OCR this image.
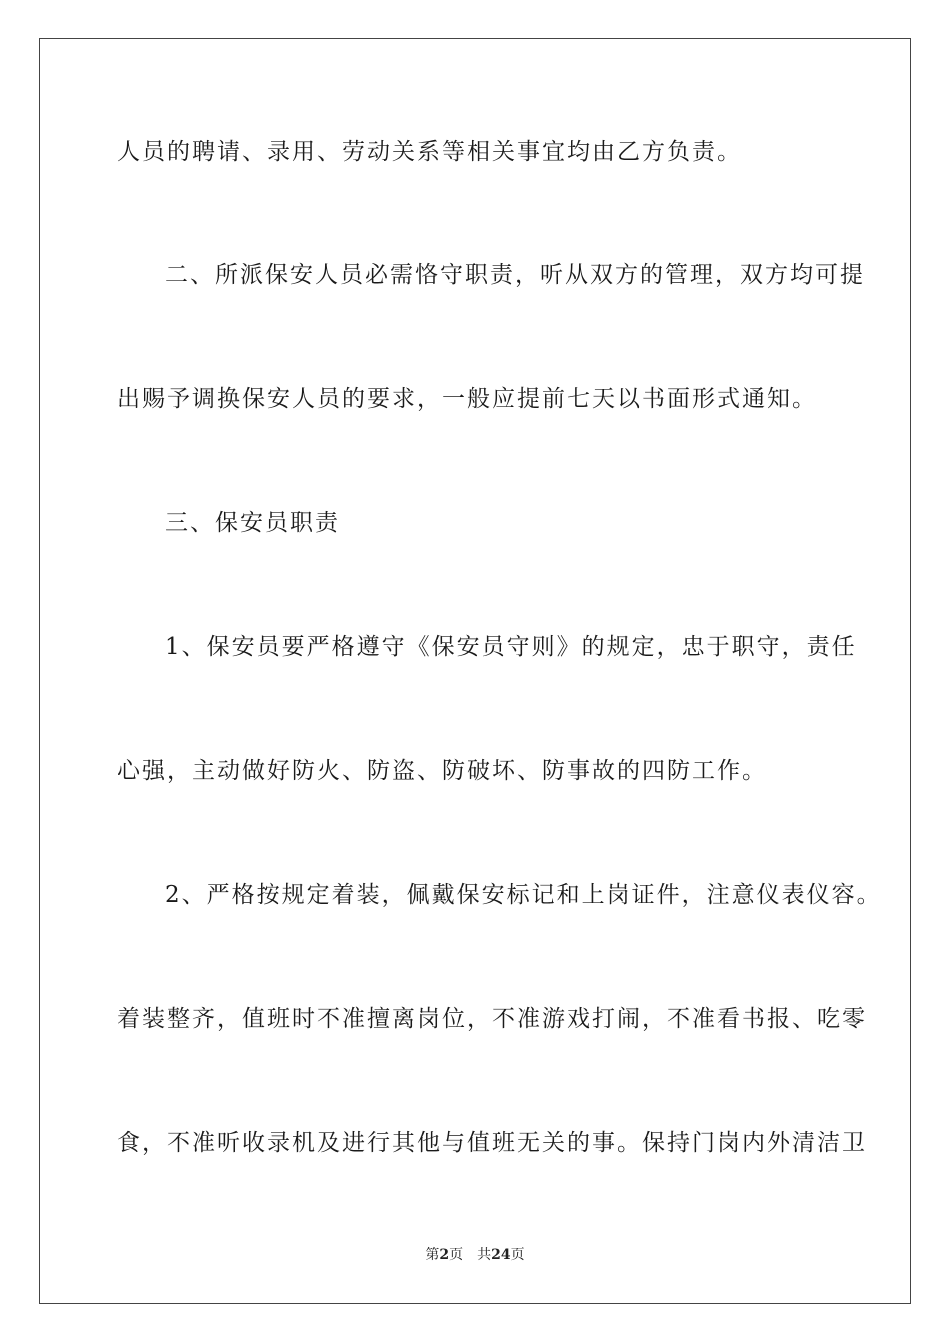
人员的聘请、录用、劳动关系等相关事宜均由乙方负责。
二、所派保安人员必需恪守职责，听从双方的管理，双方均可提
出赐予调换保安人员的要求，一般应提前七天以书面形式通知。
三、保安员职责
1、保安员要严格遵守《保安员守则》的规定，忠于职守，责任
心强，主动做好防火、防盗、防破坏、防事故的四防工作。
2、严格按规定着装，佩戴保安标记和上岗证件，注意仪表仪容。
着装整齐，值班时不准擅离岗位，不准游戏打闹，不准看书报、吃零
食，不准听收录机及进行其他与值班无关的事。保持门岗内外清洁卫
第2页 共24页
